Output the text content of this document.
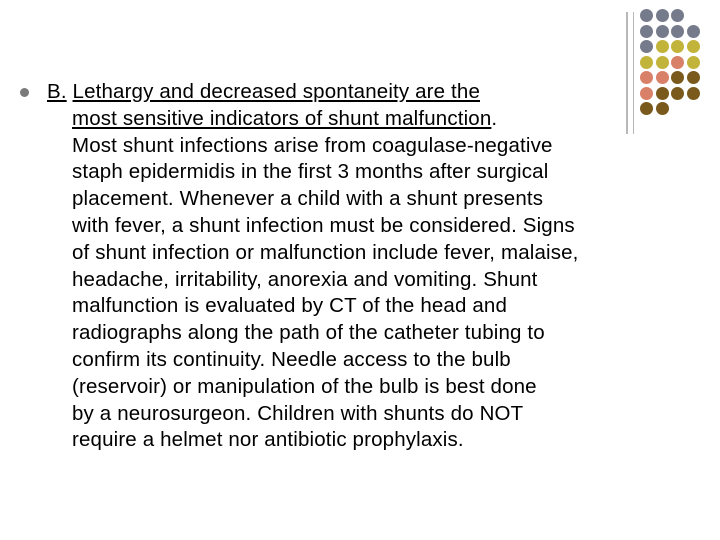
B. Lethargy and decreased spontaneity are the
most sensitive indicators of shunt malfunction.
Most shunt infections arise from coagulase-negative
staph epidermidis in the first 3 months after surgical
placement. Whenever a child with a shunt presents
with fever, a shunt infection must be considered. Signs
of shunt infection or malfunction include fever, malaise,
headache, irritability, anorexia and vomiting. Shunt
malfunction is evaluated by CT of the head and
radiographs along the path of the catheter tubing to
confirm its continuity. Needle access to the bulb
(reservoir) or manipulation of the bulb is best done
by a neurosurgeon. Children with shunts do NOT
require a helmet nor antibiotic prophylaxis.
